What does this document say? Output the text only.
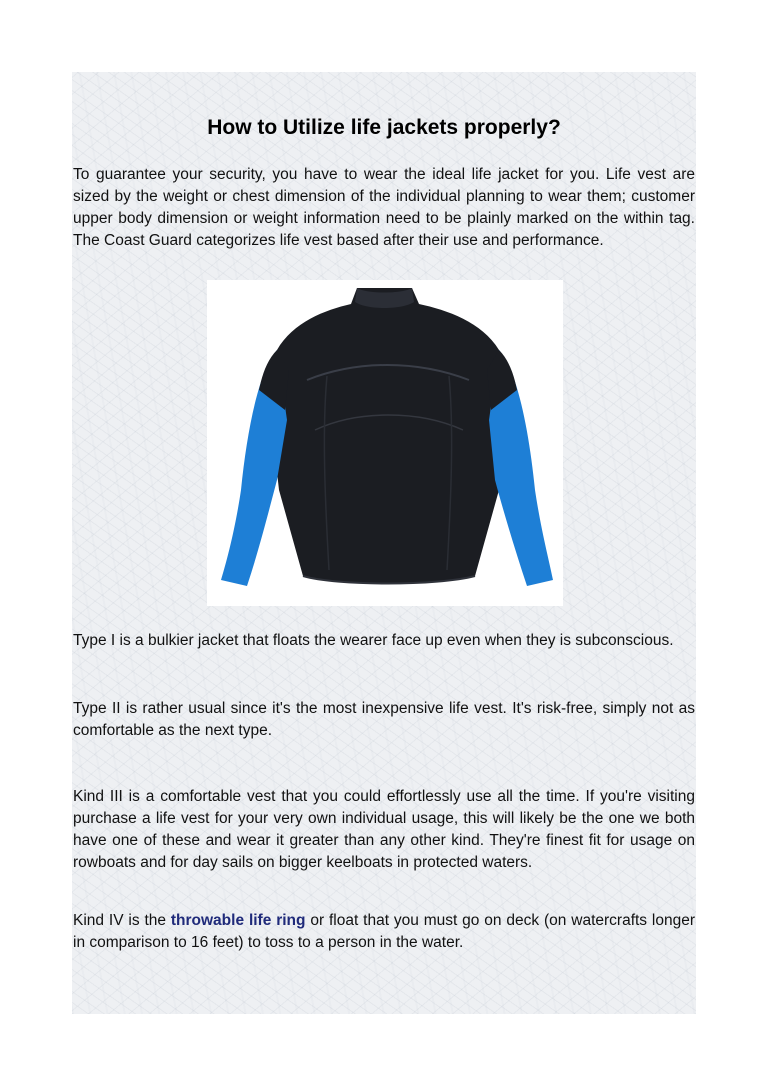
How to Utilize life jackets properly?

To guarantee your security, you have to wear the ideal life jacket for you. Life vest are sized by the weight or chest dimension of the individual planning to wear them; customer upper body dimension or weight information need to be plainly marked on the within tag. The Coast Guard categorizes life vest based after their use and performance.

Type I is a bulkier jacket that floats the wearer face up even when they is subconscious.

Type II is rather usual since it's the most inexpensive life vest. It's risk-free, simply not as comfortable as the next type.

Kind III is a comfortable vest that you could effortlessly use all the time. If you're visiting purchase a life vest for your very own individual usage, this will likely be the one we both have one of these and wear it greater than any other kind. They're finest fit for usage on rowboats and for day sails on bigger keelboats in protected waters.

Kind IV is the throwable life ring or float that you must go on deck (on watercrafts longer in comparison to 16 feet) to toss to a person in the water.
